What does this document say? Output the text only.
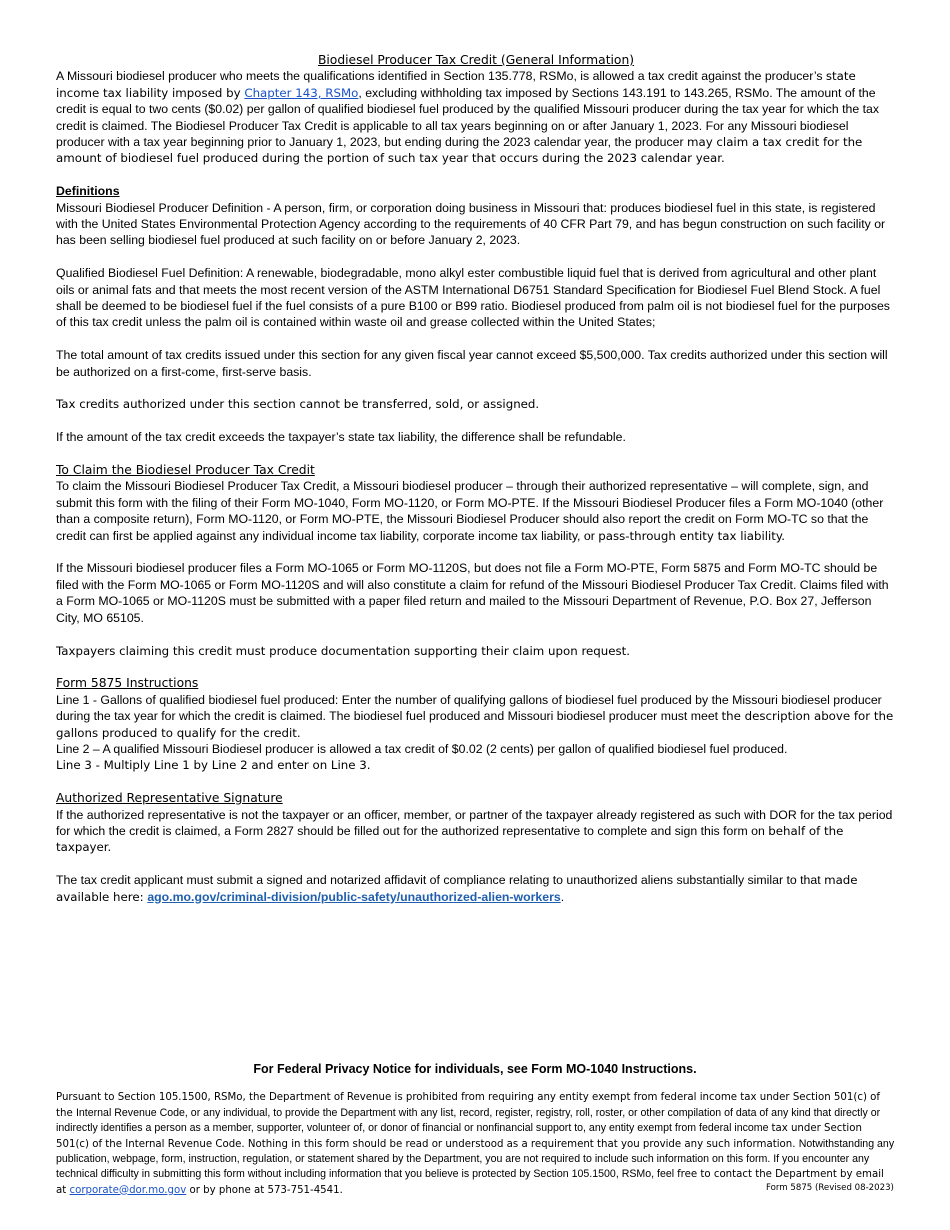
Biodiesel Producer Tax Credit (General Information)

A Missouri biodiesel producer who meets the qualifications identified in Section 135.778, RSMo, is allowed a tax credit against the producer’s state income tax liability imposed by Chapter 143, RSMo, excluding withholding tax imposed by Sections 143.191 to 143.265, RSMo. The amount of the credit is equal to two cents ($0.02) per gallon of qualified biodiesel fuel produced by the qualified Missouri producer during the tax year for which the tax credit is claimed. The Biodiesel Producer Tax Credit is applicable to all tax years beginning on or after January 1, 2023. For any Missouri biodiesel producer with a tax year beginning prior to January 1, 2023, but ending during the 2023 calendar year, the producer may claim a tax credit for the amount of biodiesel fuel produced during the portion of such tax year that occurs during the 2023 calendar year.

Definitions

Missouri Biodiesel Producer Definition - A person, firm, or corporation doing business in Missouri that: produces biodiesel fuel in this state, is registered with the United States Environmental Protection Agency according to the requirements of 40 CFR Part 79, and has begun construction on such facility or has been selling biodiesel fuel produced at such facility on or before January 2, 2023.

Qualified Biodiesel Fuel Definition: A renewable, biodegradable, mono alkyl ester combustible liquid fuel that is derived from agricultural and other plant oils or animal fats and that meets the most recent version of the ASTM International D6751 Standard Specification for Biodiesel Fuel Blend Stock. A fuel shall be deemed to be biodiesel fuel if the fuel consists of a pure B100 or B99 ratio. Biodiesel produced from palm oil is not biodiesel fuel for the purposes of this tax credit unless the palm oil is contained within waste oil and grease collected within the United States;

The total amount of tax credits issued under this section for any given fiscal year cannot exceed $5,500,000. Tax credits authorized under this section will be authorized on a first-come, first-serve basis.

Tax credits authorized under this section cannot be transferred, sold, or assigned.

If the amount of the tax credit exceeds the taxpayer’s state tax liability, the difference shall be refundable.

To Claim the Biodiesel Producer Tax Credit

To claim the Missouri Biodiesel Producer Tax Credit, a Missouri biodiesel producer – through their authorized representative – will complete, sign, and submit this form with the filing of their Form MO-1040, Form MO-1120, or Form MO-PTE. If the Missouri Biodiesel Producer files a Form MO-1040 (other than a composite return), Form MO-1120, or Form MO-PTE, the Missouri Biodiesel Producer should also report the credit on Form MO-TC so that the credit can first be applied against any individual income tax liability, corporate income tax liability, or pass-through entity tax liability.

If the Missouri biodiesel producer files a Form MO-1065 or Form MO-1120S, but does not file a Form MO-PTE, Form 5875 and Form MO-TC should be filed with the Form MO-1065 or Form MO-1120S and will also constitute a claim for refund of the Missouri Biodiesel Producer Tax Credit. Claims filed with a Form MO-1065 or MO-1120S must be submitted with a paper filed return and mailed to the Missouri Department of Revenue, P.O. Box 27, Jefferson City, MO 65105.

Taxpayers claiming this credit must produce documentation supporting their claim upon request.

Form 5875 Instructions

Line 1 - Gallons of qualified biodiesel fuel produced: Enter the number of qualifying gallons of biodiesel fuel produced by the Missouri biodiesel producer during the tax year for which the credit is claimed. The biodiesel fuel produced and Missouri biodiesel producer must meet the description above for the gallons produced to qualify for the credit.

Line 2 – A qualified Missouri Biodiesel producer is allowed a tax credit of $0.02 (2 cents) per gallon of qualified biodiesel fuel produced.

Line 3 - Multiply Line 1 by Line 2 and enter on Line 3.

Authorized Representative Signature

If the authorized representative is not the taxpayer or an officer, member, or partner of the taxpayer already registered as such with DOR for the tax period for which the credit is claimed, a Form 2827 should be filled out for the authorized representative to complete and sign this form on behalf of the taxpayer.

The tax credit applicant must submit a signed and notarized affidavit of compliance relating to unauthorized aliens substantially similar to that made available here: ago.mo.gov/criminal-division/public-safety/unauthorized-alien-workers.

For Federal Privacy Notice for individuals, see Form MO-1040 Instructions.
Pursuant to Section 105.1500, RSMo, the Department of Revenue is prohibited from requiring any entity exempt from federal income tax under Section 501(c) of the Internal Revenue Code, or any individual, to provide the Department with any list, record, register, registry, roll, roster, or other compilation of data of any kind that directly or indirectly identifies a person as a member, supporter, volunteer of, or donor of financial or nonfinancial support to, any entity exempt from federal income tax under Section 501(c) of the Internal Revenue Code. Nothing in this form should be read or understood as a requirement that you provide any such information. Notwithstanding any publication, webpage, form, instruction, regulation, or statement shared by the Department, you are not required to include such information on this form. If you encounter any technical difficulty in submitting this form without including information that you believe is protected by Section 105.1500, RSMo, feel free to contact the Department by email at corporate@dor.mo.gov or by phone at 573-751-4541.	Form 5875 (Revised 08-2023)
